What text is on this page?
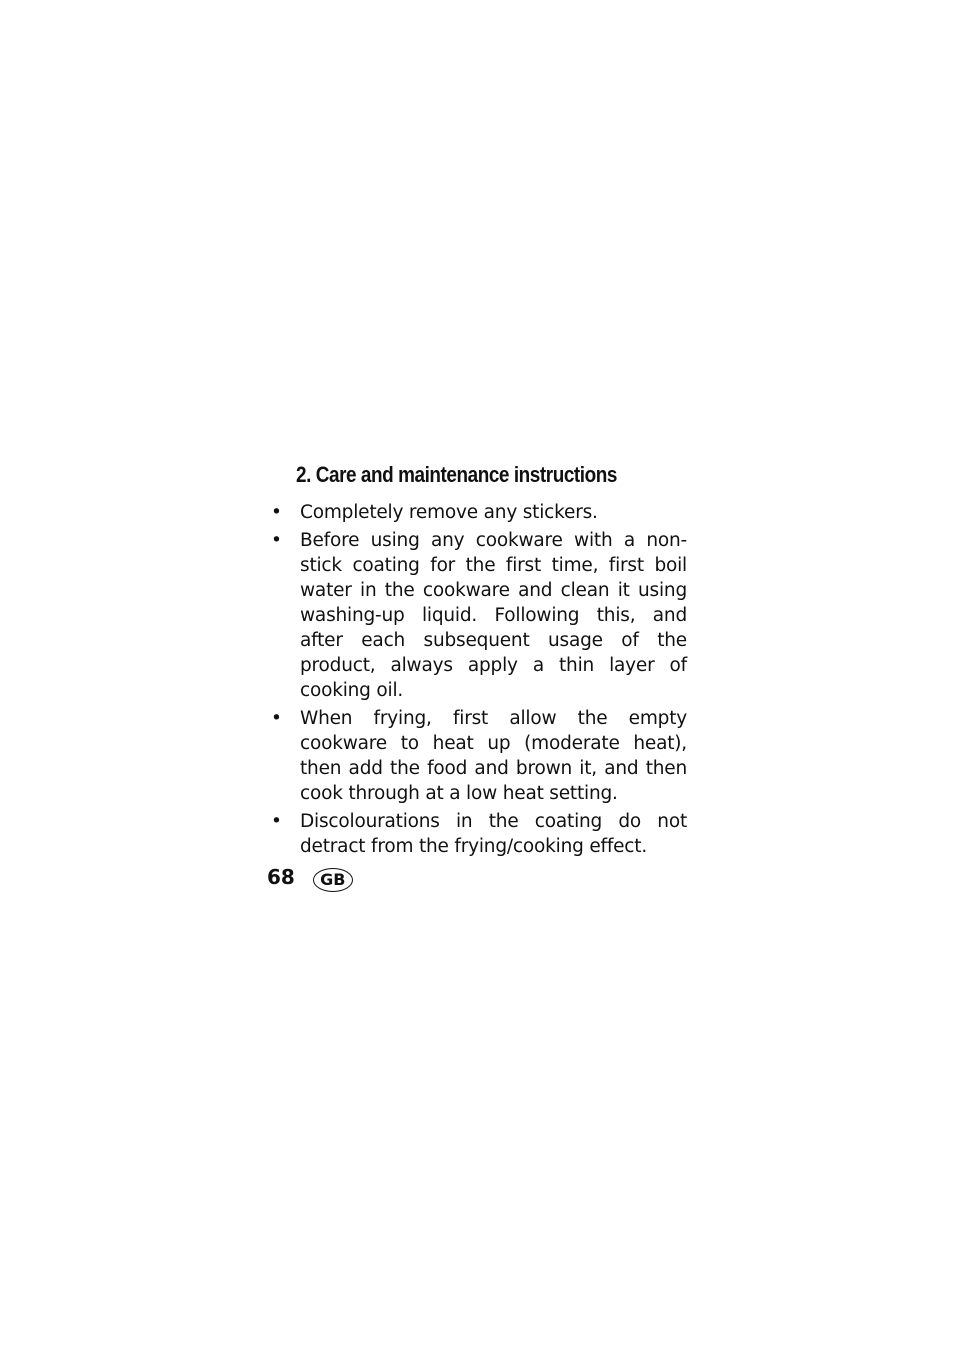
2. Care and maintenance instructions
• Completely remove any stickers.
• Before using any cookware with a non-stick coating for the first time, first boil water in the cookware and clean it using washing-up liquid. Following this, and after each subsequent usage of the product, always apply a thin layer of cooking oil.
• When frying, first allow the empty cookware to heat up (moderate heat), then add the food and brown it, and then cook through at a low heat setting.
• Discolourations in the coating do not detract from the frying/cooking effect.
68	GB
